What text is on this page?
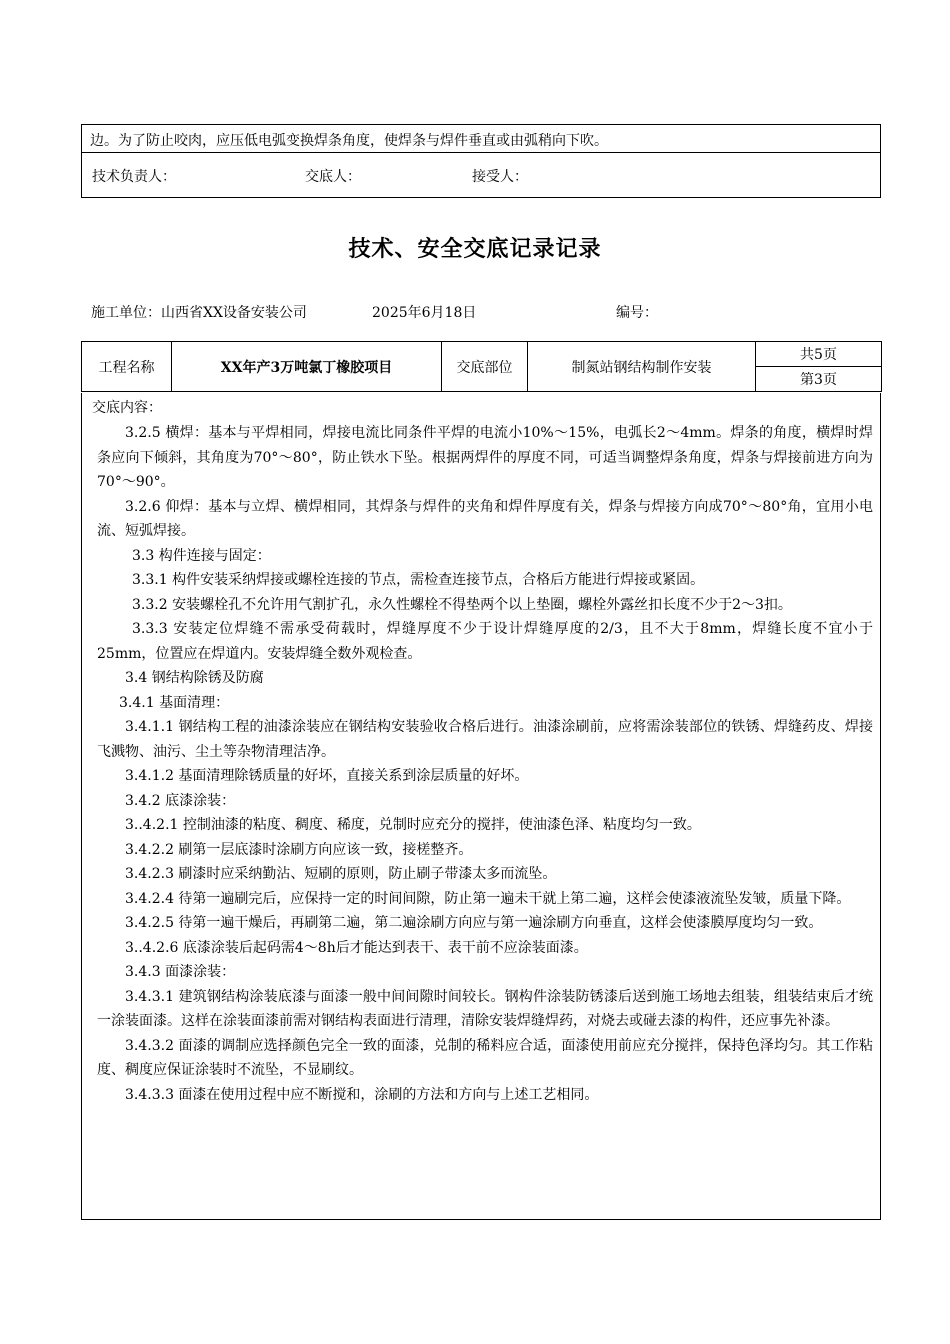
边。为了防止咬肉，应压低电弧变换焊条角度，使焊条与焊件垂直或由弧稍向下吹。
技术负责人：	交底人：	接受人：
技术、安全交底记录记录
施工单位：山西省XX设备安装公司	2025年6月18日	编号：
工程名称	XX年产3万吨氯丁橡胶项目	交底部位	制氮站钢结构制作安装	共5页
第3页
交底内容：

3.2.5 横焊：基本与平焊相同，焊接电流比同条件平焊的电流小10%～15%，电弧长2～4mm。焊条的角度，横焊时焊条应向下倾斜，其角度为70°～80°，防止铁水下坠。根据两焊件的厚度不同，可适当调整焊条角度，焊条与焊接前进方向为70°～90°。

3.2.6 仰焊：基本与立焊、横焊相同，其焊条与焊件的夹角和焊件厚度有关，焊条与焊接方向成70°～80°角，宜用小电流、短弧焊接。

3.3 构件连接与固定：

3.3.1 构件安装采纳焊接或螺栓连接的节点，需检查连接节点，合格后方能进行焊接或紧固。

3.3.2 安装螺栓孔不允许用气割扩孔，永久性螺栓不得垫两个以上垫圈，螺栓外露丝扣长度不少于2～3扣。

3.3.3 安装定位焊缝不需承受荷载时，焊缝厚度不少于设计焊缝厚度的2/3，且不大于8mm，焊缝长度不宜小于25mm，位置应在焊道内。安装焊缝全数外观检查。

3.4 钢结构除锈及防腐

3.4.1 基面清理：

3.4.1.1 钢结构工程的油漆涂装应在钢结构安装验收合格后进行。油漆涂刷前，应将需涂装部位的铁锈、焊缝药皮、焊接飞溅物、油污、尘土等杂物清理洁净。

3.4.1.2 基面清理除锈质量的好坏，直接关系到涂层质量的好坏。

3.4.2 底漆涂装：

3..4.2.1 控制油漆的粘度、稠度、稀度，兑制时应充分的搅拌，使油漆色泽、粘度均匀一致。

3.4.2.2 刷第一层底漆时涂刷方向应该一致，接槎整齐。

3.4.2.3 刷漆时应采纳勤沾、短刷的原则，防止刷子带漆太多而流坠。

3.4.2.4 待第一遍刷完后，应保持一定的时间间隙，防止第一遍未干就上第二遍，这样会使漆液流坠发皱，质量下降。

3.4.2.5 待第一遍干燥后，再刷第二遍，第二遍涂刷方向应与第一遍涂刷方向垂直，这样会使漆膜厚度均匀一致。

3..4.2.6 底漆涂装后起码需4～8h后才能达到表干、表干前不应涂装面漆。

3.4.3 面漆涂装：

3.4.3.1 建筑钢结构涂装底漆与面漆一般中间间隙时间较长。钢构件涂装防锈漆后送到施工场地去组装，组装结束后才统一涂装面漆。这样在涂装面漆前需对钢结构表面进行清理，清除安装焊缝焊药，对烧去或碰去漆的构件，还应事先补漆。

3.4.3.2 面漆的调制应选择颜色完全一致的面漆，兑制的稀料应合适，面漆使用前应充分搅拌，保持色泽均匀。其工作粘度、稠度应保证涂装时不流坠，不显刷纹。

3.4.3.3 面漆在使用过程中应不断搅和，涂刷的方法和方向与上述工艺相同。
